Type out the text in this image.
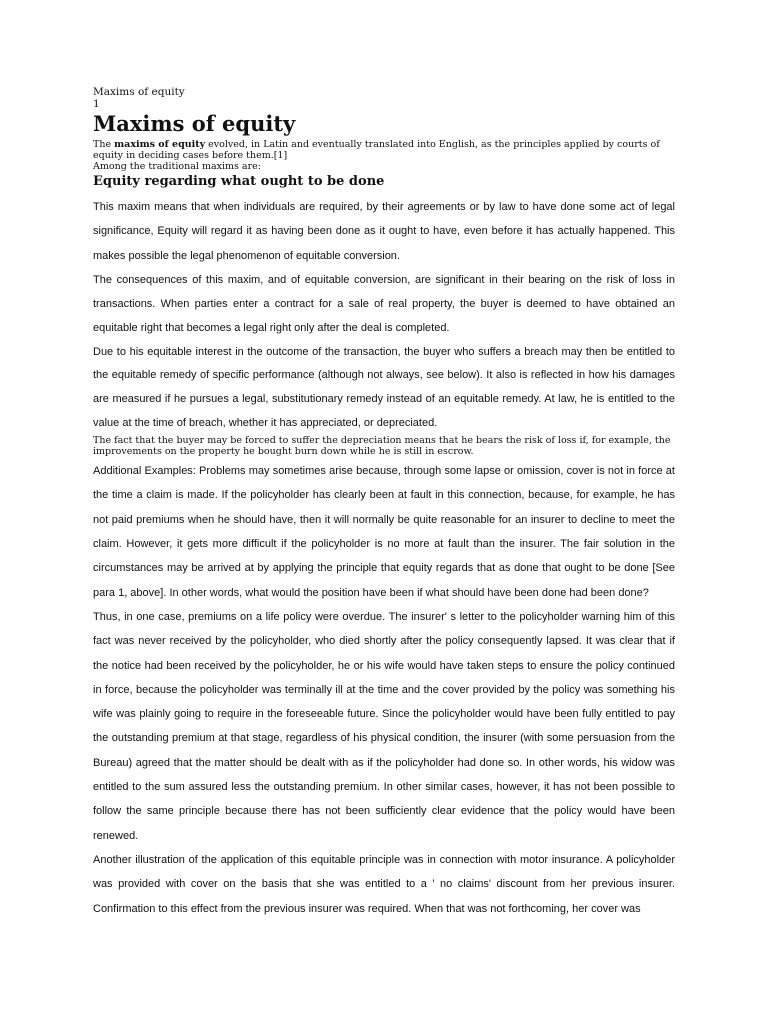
Maxims of equity

1

Maxims of equity

The maxims of equity evolved, in Latin and eventually translated into English, as the principles applied by courts of equity in deciding cases before them.[1]

Among the traditional maxims are:

Equity regarding what ought to be done

This maxim means that when individuals are required, by their agreements or by law to have done some act of legal significance, Equity will regard it as having been done as it ought to have, even before it has actually happened. This makes possible the legal phenomenon of equitable conversion.

The consequences of this maxim, and of equitable conversion, are significant in their bearing on the risk of loss in transactions. When parties enter a contract for a sale of real property, the buyer is deemed to have obtained an equitable right that becomes a legal right only after the deal is completed.

Due to his equitable interest in the outcome of the transaction, the buyer who suffers a breach may then be entitled to the equitable remedy of specific performance (although not always, see below). It also is reflected in how his damages are measured if he pursues a legal, substitutionary remedy instead of an equitable remedy. At law, he is entitled to the value at the time of breach, whether it has appreciated, or depreciated.

The fact that the buyer may be forced to suffer the depreciation means that he bears the risk of loss if, for example, the improvements on the property he bought burn down while he is still in escrow.

Additional Examples: Problems may sometimes arise because, through some lapse or omission, cover is not in force at the time a claim is made. If the policyholder has clearly been at fault in this connection, because, for example, he has not paid premiums when he should have, then it will normally be quite reasonable for an insurer to decline to meet the claim. However, it gets more difficult if the policyholder is no more at fault than the insurer. The fair solution in the circumstances may be arrived at by applying the principle that equity regards that as done that ought to be done [See para 1, above]. In other words, what would the position have been if what should have been done had been done?

Thus, in one case, premiums on a life policy were overdue. The insurer' s letter to the policyholder warning him of this fact was never received by the policyholder, who died shortly after the policy consequently lapsed. It was clear that if the notice had been received by the policyholder, he or his wife would have taken steps to ensure the policy continued in force, because the policyholder was terminally ill at the time and the cover provided by the policy was something his wife was plainly going to require in the foreseeable future. Since the policyholder would have been fully entitled to pay the outstanding premium at that stage, regardless of his physical condition, the insurer (with some persuasion from the Bureau) agreed that the matter should be dealt with as if the policyholder had done so. In other words, his widow was entitled to the sum assured less the outstanding premium. In other similar cases, however, it has not been possible to follow the same principle because there has not been sufficiently clear evidence that the policy would have been renewed.

Another illustration of the application of this equitable principle was in connection with motor insurance. A policyholder was provided with cover on the basis that she was entitled to a ' no claims' discount from her previous insurer. Confirmation to this effect from the previous insurer was required. When that was not forthcoming, her cover was
